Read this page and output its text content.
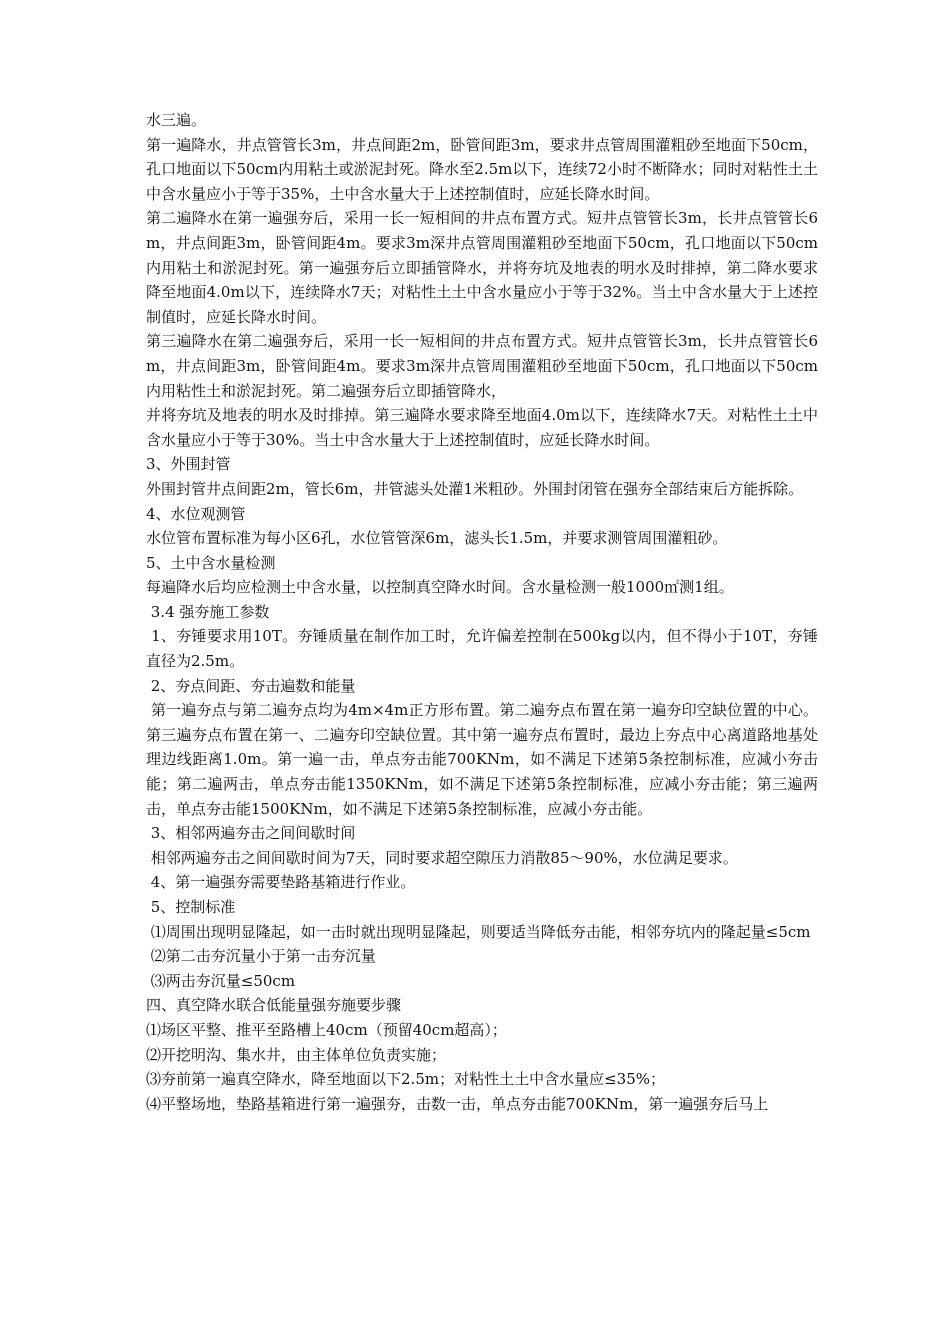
水三遍。

第一遍降水，井点管管长3m，井点间距2m，卧管间距3m，要求井点管周围灌粗砂至地面下50cm，孔口地面以下50cm内用粘土或淤泥封死。降水至2.5m以下，连续72小时不断降水；同时对粘性土土中含水量应小于等于35%，土中含水量大于上述控制值时，应延长降水时间。

第二遍降水在第一遍强夯后，采用一长一短相间的井点布置方式。短井点管管长3m，长井点管管长6m，井点间距3m，卧管间距4m。要求3m深井点管周围灌粗砂至地面下50cm，孔口地面以下50cm内用粘土和淤泥封死。第一遍强夯后立即插管降水，并将夯坑及地表的明水及时排掉，第二降水要求降至地面4.0m以下，连续降水7天；对粘性土土中含水量应小于等于32%。当土中含水量大于上述控制值时，应延长降水时间。

第三遍降水在第二遍强夯后，采用一长一短相间的井点布置方式。短井点管管长3m，长井点管管长6m，井点间距3m，卧管间距4m。要求3m深井点管周围灌粗砂至地面下50cm，孔口地面以下50cm内用粘性土和淤泥封死。第二遍强夯后立即插管降水，

并将夯坑及地表的明水及时排掉。第三遍降水要求降至地面4.0m以下，连续降水7天。对粘性土土中含水量应小于等于30%。当土中含水量大于上述控制值时，应延长降水时间。

3、外围封管

外围封管井点间距2m，管长6m，井管滤头处灌1米粗砂。外围封闭管在强夯全部结束后方能拆除。

4、水位观测管

水位管布置标准为每小区6孔，水位管管深6m，滤头长1.5m，并要求测管周围灌粗砂。

5、土中含水量检测

每遍降水后均应检测土中含水量，以控制真空降水时间。含水量检测一般1000㎡测1组。

3.4 强夯施工参数

1、夯锤要求用10T。夯锤质量在制作加工时，允许偏差控制在500kg以内，但不得小于10T，夯锤直径为2.5m。

2、夯点间距、夯击遍数和能量

第一遍夯点与第二遍夯点均为4m×4m正方形布置。第二遍夯点布置在第一遍夯印空缺位置的中心。第三遍夯点布置在第一、二遍夯印空缺位置。其中第一遍夯点布置时，最边上夯点中心离道路地基处理边线距离1.0m。第一遍一击，单点夯击能700KNm，如不满足下述第5条控制标准，应减小夯击能；第二遍两击，单点夯击能1350KNm，如不满足下述第5条控制标准，应减小夯击能；第三遍两击，单点夯击能1500KNm，如不满足下述第5条控制标准，应减小夯击能。

3、相邻两遍夯击之间间歇时间

相邻两遍夯击之间间歇时间为7天，同时要求超空隙压力消散85～90%，水位满足要求。

4、第一遍强夯需要垫路基箱进行作业。

5、控制标准

⑴周围出现明显隆起，如一击时就出现明显隆起，则要适当降低夯击能，相邻夯坑内的隆起量≤5cm

⑵第二击夯沉量小于第一击夯沉量

⑶两击夯沉量≤50cm

四、真空降水联合低能量强夯施要步骤

⑴场区平整、推平至路槽上40cm（预留40cm超高）；

⑵开挖明沟、集水井，由主体单位负责实施；

⑶夯前第一遍真空降水，降至地面以下2.5m；对粘性土土中含水量应≤35%；

⑷平整场地，垫路基箱进行第一遍强夯，击数一击，单点夯击能700KNm，第一遍强夯后马上
